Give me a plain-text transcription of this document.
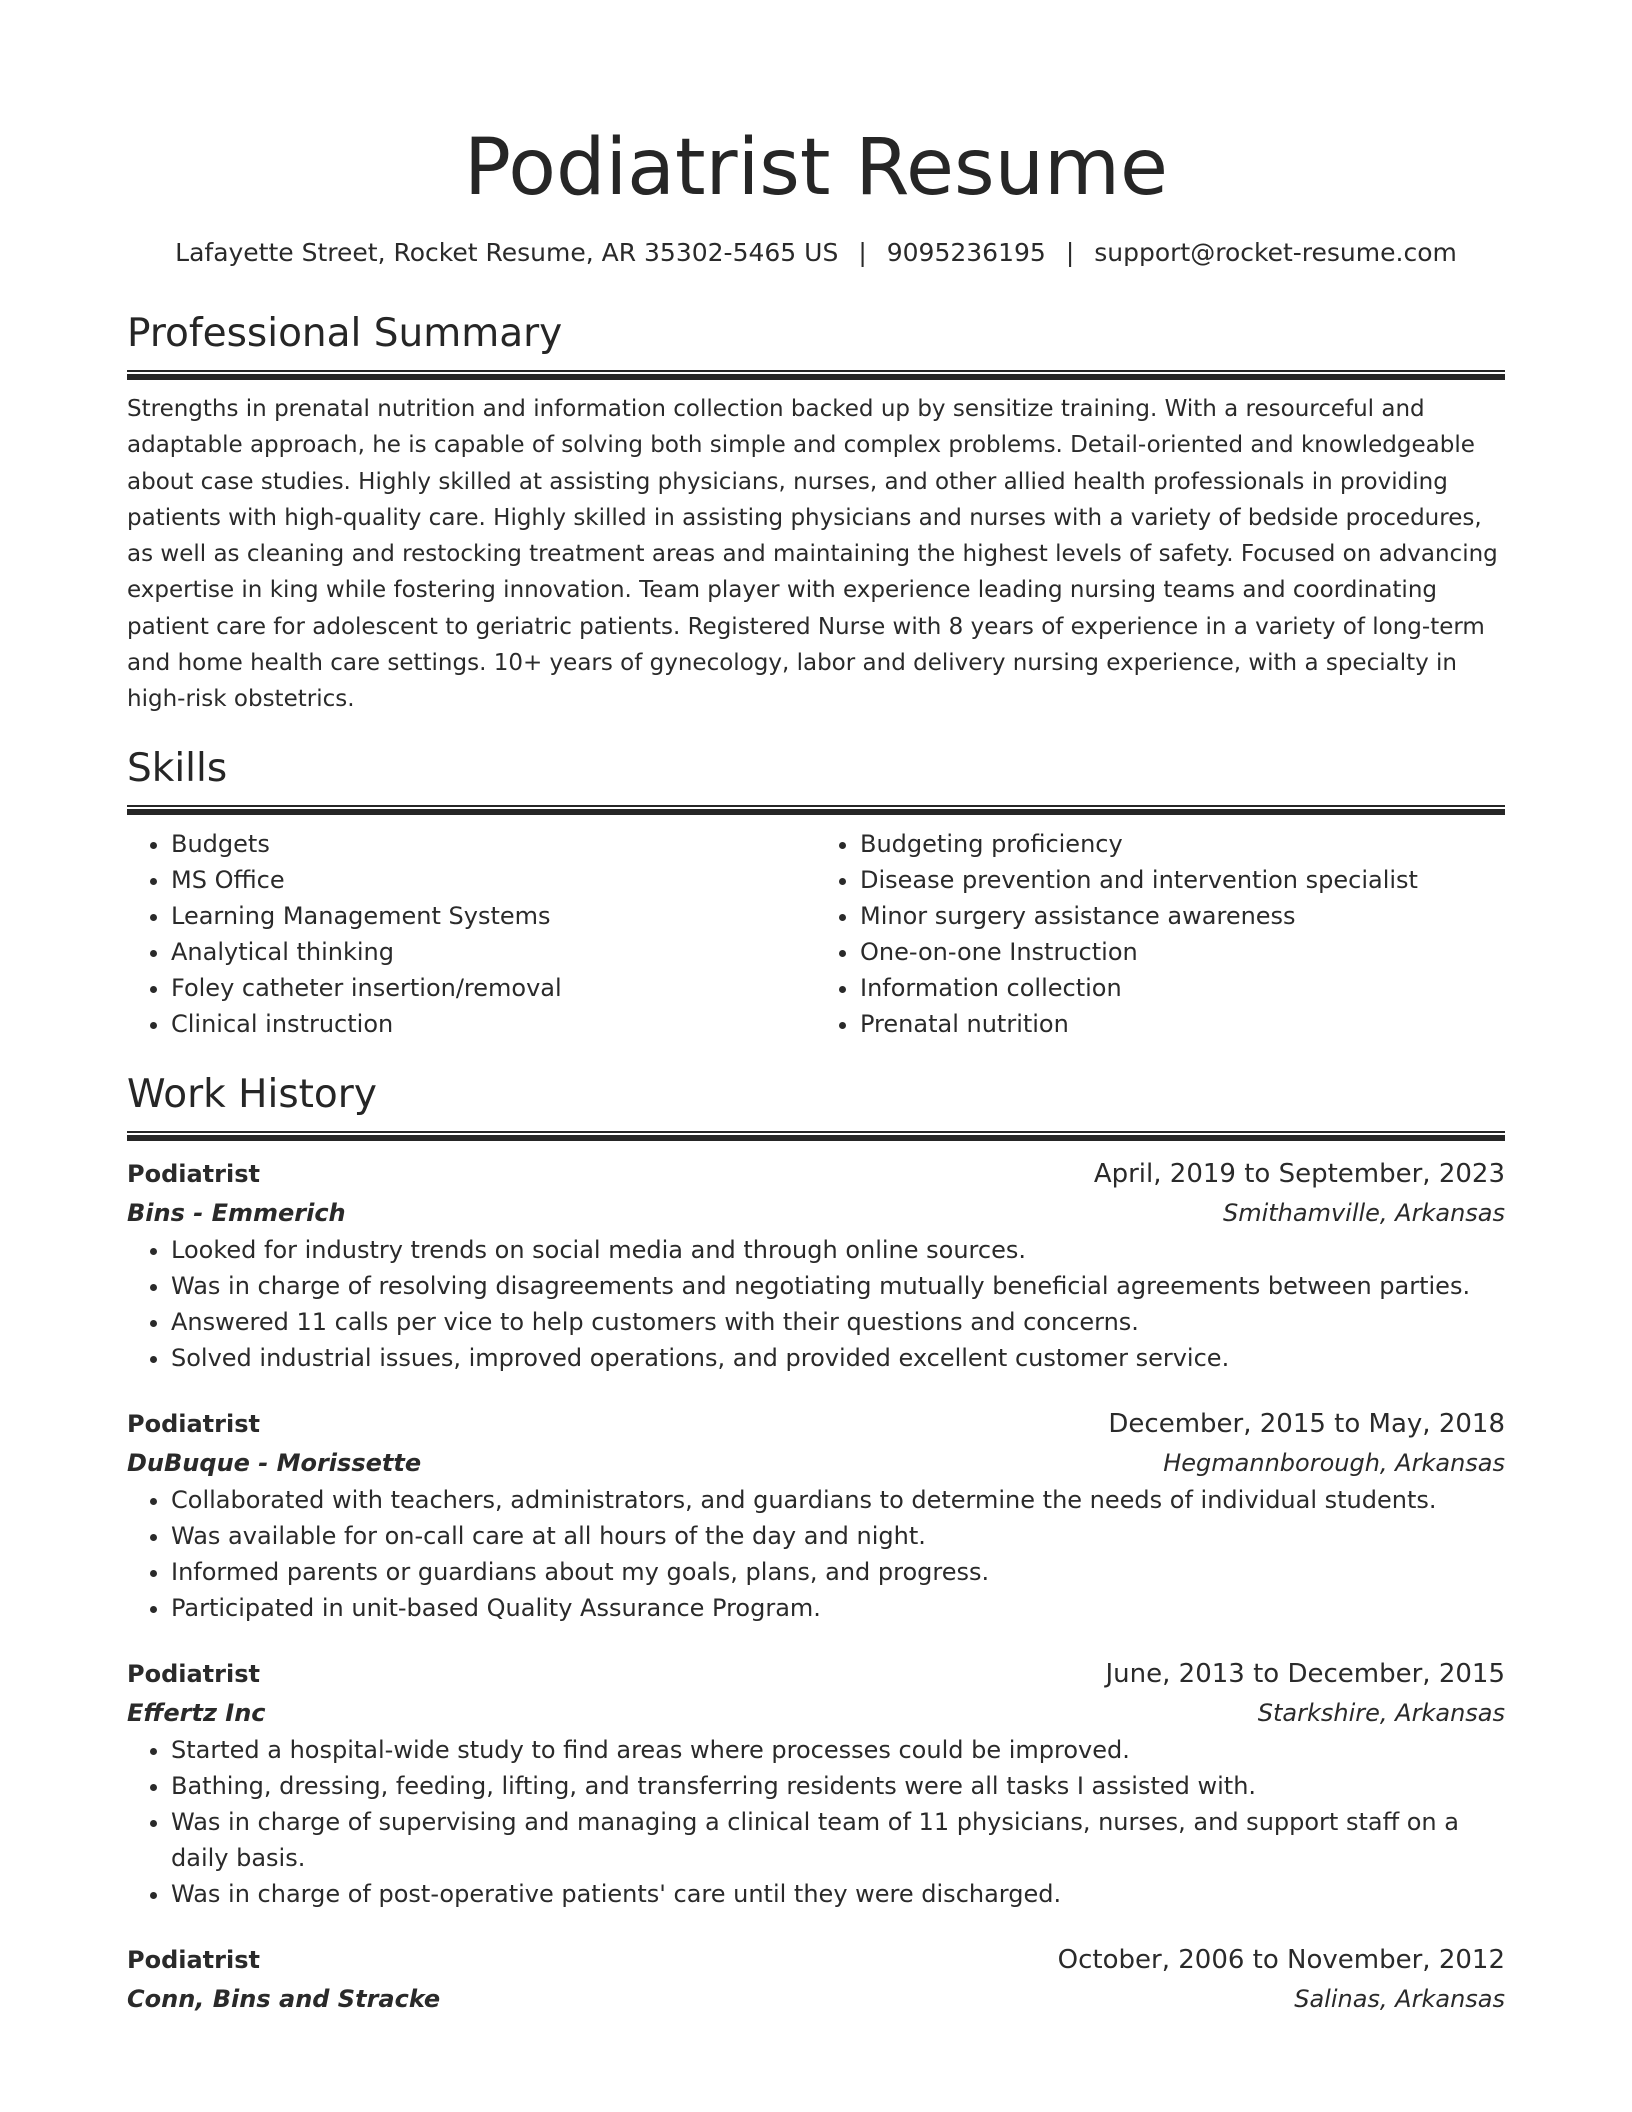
Podiatrist Resume
Lafayette Street, Rocket Resume, AR 35302-5465 US | 9095236195 | support@rocket-resume.com
Professional Summary
Strengths in prenatal nutrition and information collection backed up by sensitize training. With a resourceful and adaptable approach, he is capable of solving both simple and complex problems. Detail-oriented and knowledgeable about case studies. Highly skilled at assisting physicians, nurses, and other allied health professionals in providing patients with high-quality care. Highly skilled in assisting physicians and nurses with a variety of bedside procedures, as well as cleaning and restocking treatment areas and maintaining the highest levels of safety. Focused on advancing expertise in king while fostering innovation. Team player with experience leading nursing teams and coordinating patient care for adolescent to geriatric patients. Registered Nurse with 8 years of experience in a variety of long-term and home health care settings. 10+ years of gynecology, labor and delivery nursing experience, with a specialty in high-risk obstetrics.
Skills
• Budgets
• MS Office
• Learning Management Systems
• Analytical thinking
• Foley catheter insertion/removal
• Clinical instruction
• Budgeting proficiency
• Disease prevention and intervention specialist
• Minor surgery assistance awareness
• One-on-one Instruction
• Information collection
• Prenatal nutrition
Work History
Podiatrist	April, 2019 to September, 2023
Bins - Emmerich	Smithamville, Arkansas
• Looked for industry trends on social media and through online sources.
• Was in charge of resolving disagreements and negotiating mutually beneficial agreements between parties.
• Answered 11 calls per vice to help customers with their questions and concerns.
• Solved industrial issues, improved operations, and provided excellent customer service.
Podiatrist	December, 2015 to May, 2018
DuBuque - Morissette	Hegmannborough, Arkansas
• Collaborated with teachers, administrators, and guardians to determine the needs of individual students.
• Was available for on-call care at all hours of the day and night.
• Informed parents or guardians about my goals, plans, and progress.
• Participated in unit-based Quality Assurance Program.
Podiatrist	June, 2013 to December, 2015
Effertz Inc	Starkshire, Arkansas
• Started a hospital-wide study to find areas where processes could be improved.
• Bathing, dressing, feeding, lifting, and transferring residents were all tasks I assisted with.
• Was in charge of supervising and managing a clinical team of 11 physicians, nurses, and support staff on a daily basis.
• Was in charge of post-operative patients' care until they were discharged.
Podiatrist	October, 2006 to November, 2012
Conn, Bins and Stracke	Salinas, Arkansas
